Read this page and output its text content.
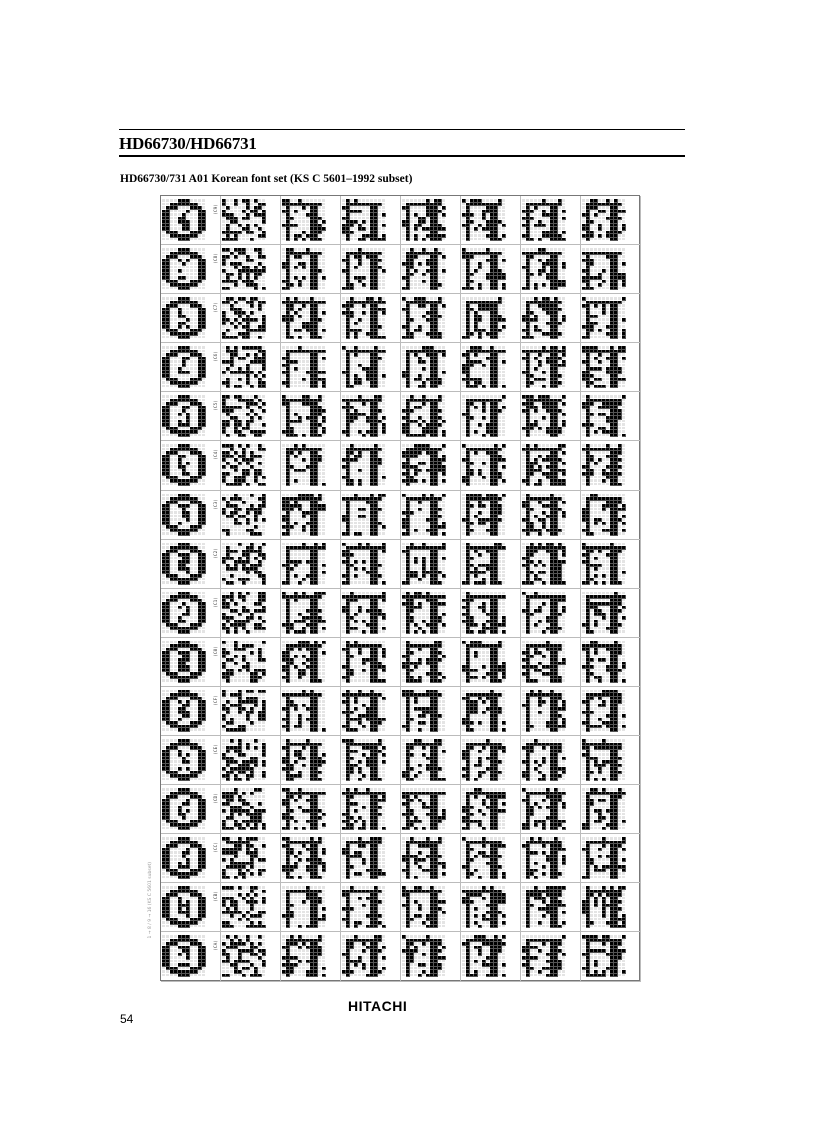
HD66730/HD66731
HD66730/731 A01 Korean font set (KS C 5601–1992 subset)
1 → 8 / 9 → 16 (KS C 5601 subset)
(C9)
(C8)
(C7)
(C6)
(C5)
(C4)
(C3)
(C2)
(C1)
(C0)
(CF)
(CE)
(CD)
(CC)
(CB)
(CA)
HITACHI
54
